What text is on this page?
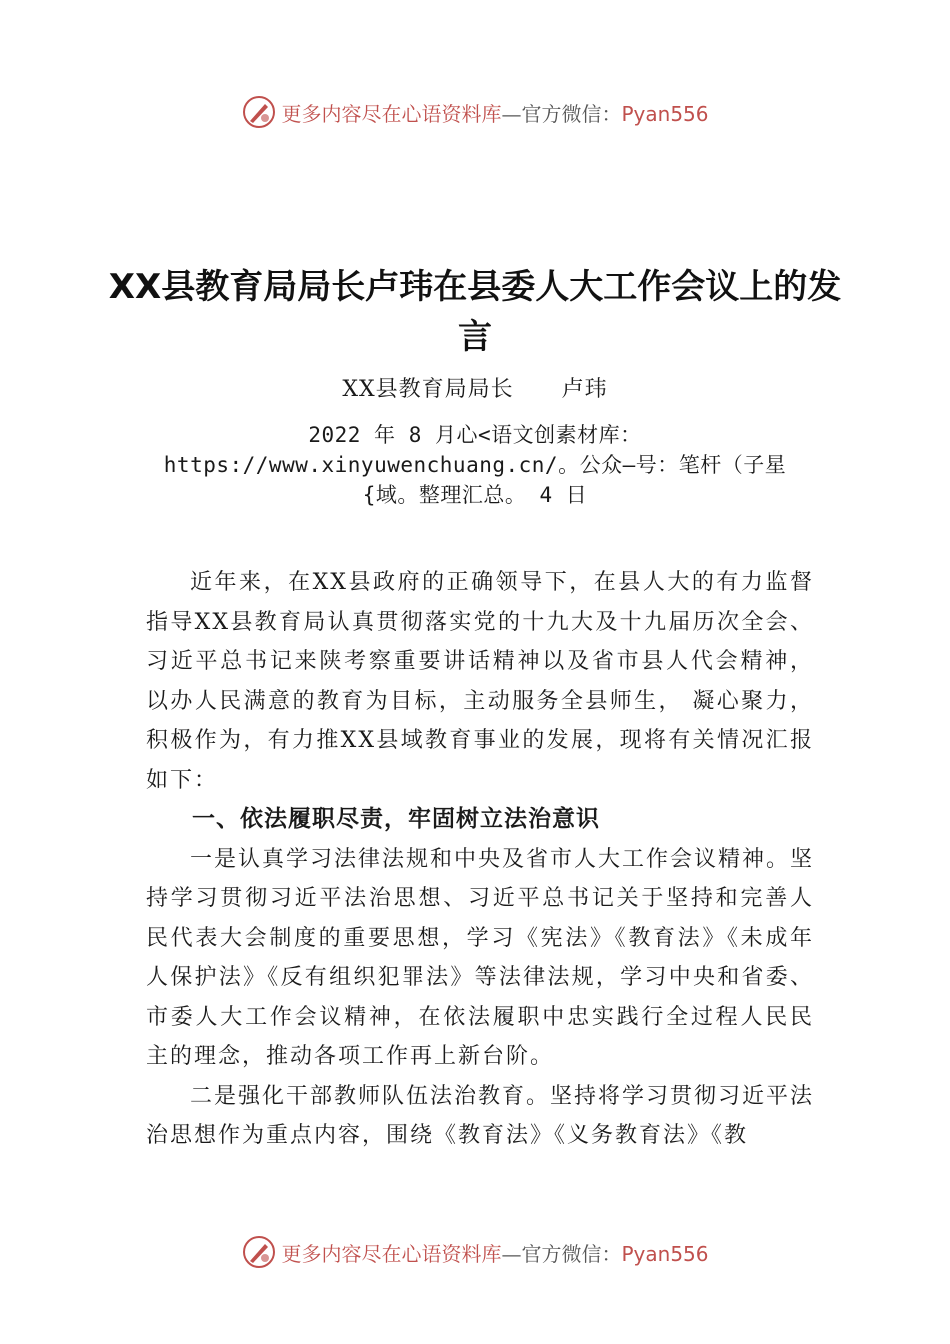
更多内容尽在心语资料库—官方微信：Pyan556
XX县教育局局长卢玮在县委人大工作会议上的发言
XX县教育局局长 卢玮
2022 年 8 月心<语文创素材库：https://www.xinyuwenchuang.cn/。公众—号：笔杆（子星{域。整理汇总。 4 日

近年来，在XX县政府的正确领导下，在县人大的有力监督指导XX县教育局认真贯彻落实党的十九大及十九届历次全会、习近平总书记来陕考察重要讲话精神以及省市县人代会精神，以办人民满意的教育为目标，主动服务全县师生， 凝心聚力，积极作为，有力推XX县域教育事业的发展，现将有关情况汇报如下：

一、依法履职尽责，牢固树立法治意识

一是认真学习法律法规和中央及省市人大工作会议精神。坚持学习贯彻习近平法治思想、习近平总书记关于坚持和完善人民代表大会制度的重要思想，学习《宪法》《教育法》《未成年人保护法》《反有组织犯罪法》等法律法规，学习中央和省委、市委人大工作会议精神，在依法履职中忠实践行全过程人民民主的理念，推动各项工作再上新台阶。

二是强化干部教师队伍法治教育。坚持将学习贯彻习近平法治思想作为重点内容，围绕《教育法》《义务教育法》《教

更多内容尽在心语资料库—官方微信：Pyan556
